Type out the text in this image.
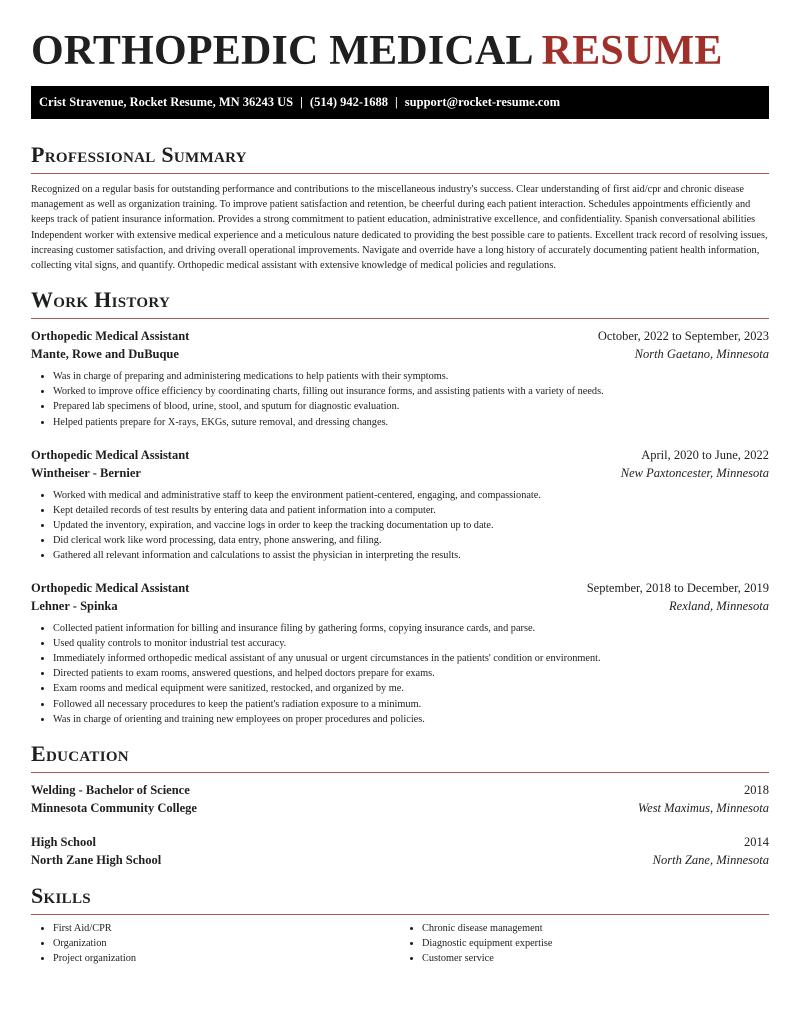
ORTHOPEDIC MEDICAL RESUME
Crist Stravenue, Rocket Resume, MN 36243 US | (514) 942-1688 | support@rocket-resume.com
Professional Summary

Recognized on a regular basis for outstanding performance and contributions to the miscellaneous industry's success. Clear understanding of first aid/cpr and chronic disease management as well as organization training. To improve patient satisfaction and retention, be cheerful during each patient interaction. Schedules appointments efficiently and keeps track of patient insurance information. Provides a strong commitment to patient education, administrative excellence, and confidentiality. Spanish conversational abilities Independent worker with extensive medical experience and a meticulous nature dedicated to providing the best possible care to patients. Excellent track record of resolving issues, increasing customer satisfaction, and driving overall operational improvements. Navigate and override have a long history of accurately documenting patient health information, collecting vital signs, and quantify. Orthopedic medical assistant with extensive knowledge of medical policies and regulations.

Work History
Orthopedic Medical Assistant	October, 2022 to September, 2023
Mante, Rowe and DuBuque	North Gaetano, Minnesota
• Was in charge of preparing and administering medications to help patients with their symptoms.
• Worked to improve office efficiency by coordinating charts, filling out insurance forms, and assisting patients with a variety of needs.
• Prepared lab specimens of blood, urine, stool, and sputum for diagnostic evaluation.
• Helped patients prepare for X-rays, EKGs, suture removal, and dressing changes.
Orthopedic Medical Assistant	April, 2020 to June, 2022
Wintheiser - Bernier	New Paxtoncester, Minnesota
• Worked with medical and administrative staff to keep the environment patient-centered, engaging, and compassionate.
• Kept detailed records of test results by entering data and patient information into a computer.
• Updated the inventory, expiration, and vaccine logs in order to keep the tracking documentation up to date.
• Did clerical work like word processing, data entry, phone answering, and filing.
• Gathered all relevant information and calculations to assist the physician in interpreting the results.
Orthopedic Medical Assistant	September, 2018 to December, 2019
Lehner - Spinka	Rexland, Minnesota
• Collected patient information for billing and insurance filing by gathering forms, copying insurance cards, and parse.
• Used quality controls to monitor industrial test accuracy.
• Immediately informed orthopedic medical assistant of any unusual or urgent circumstances in the patients' condition or environment.
• Directed patients to exam rooms, answered questions, and helped doctors prepare for exams.
• Exam rooms and medical equipment were sanitized, restocked, and organized by me.
• Followed all necessary procedures to keep the patient's radiation exposure to a minimum.
• Was in charge of orienting and training new employees on proper procedures and policies.
Education
Welding - Bachelor of Science	2018
Minnesota Community College	West Maximus, Minnesota
High School	2014
North Zane High School	North Zane, Minnesota
Skills
• First Aid/CPR
• Organization
• Project organization
• Chronic disease management
• Diagnostic equipment expertise
• Customer service
